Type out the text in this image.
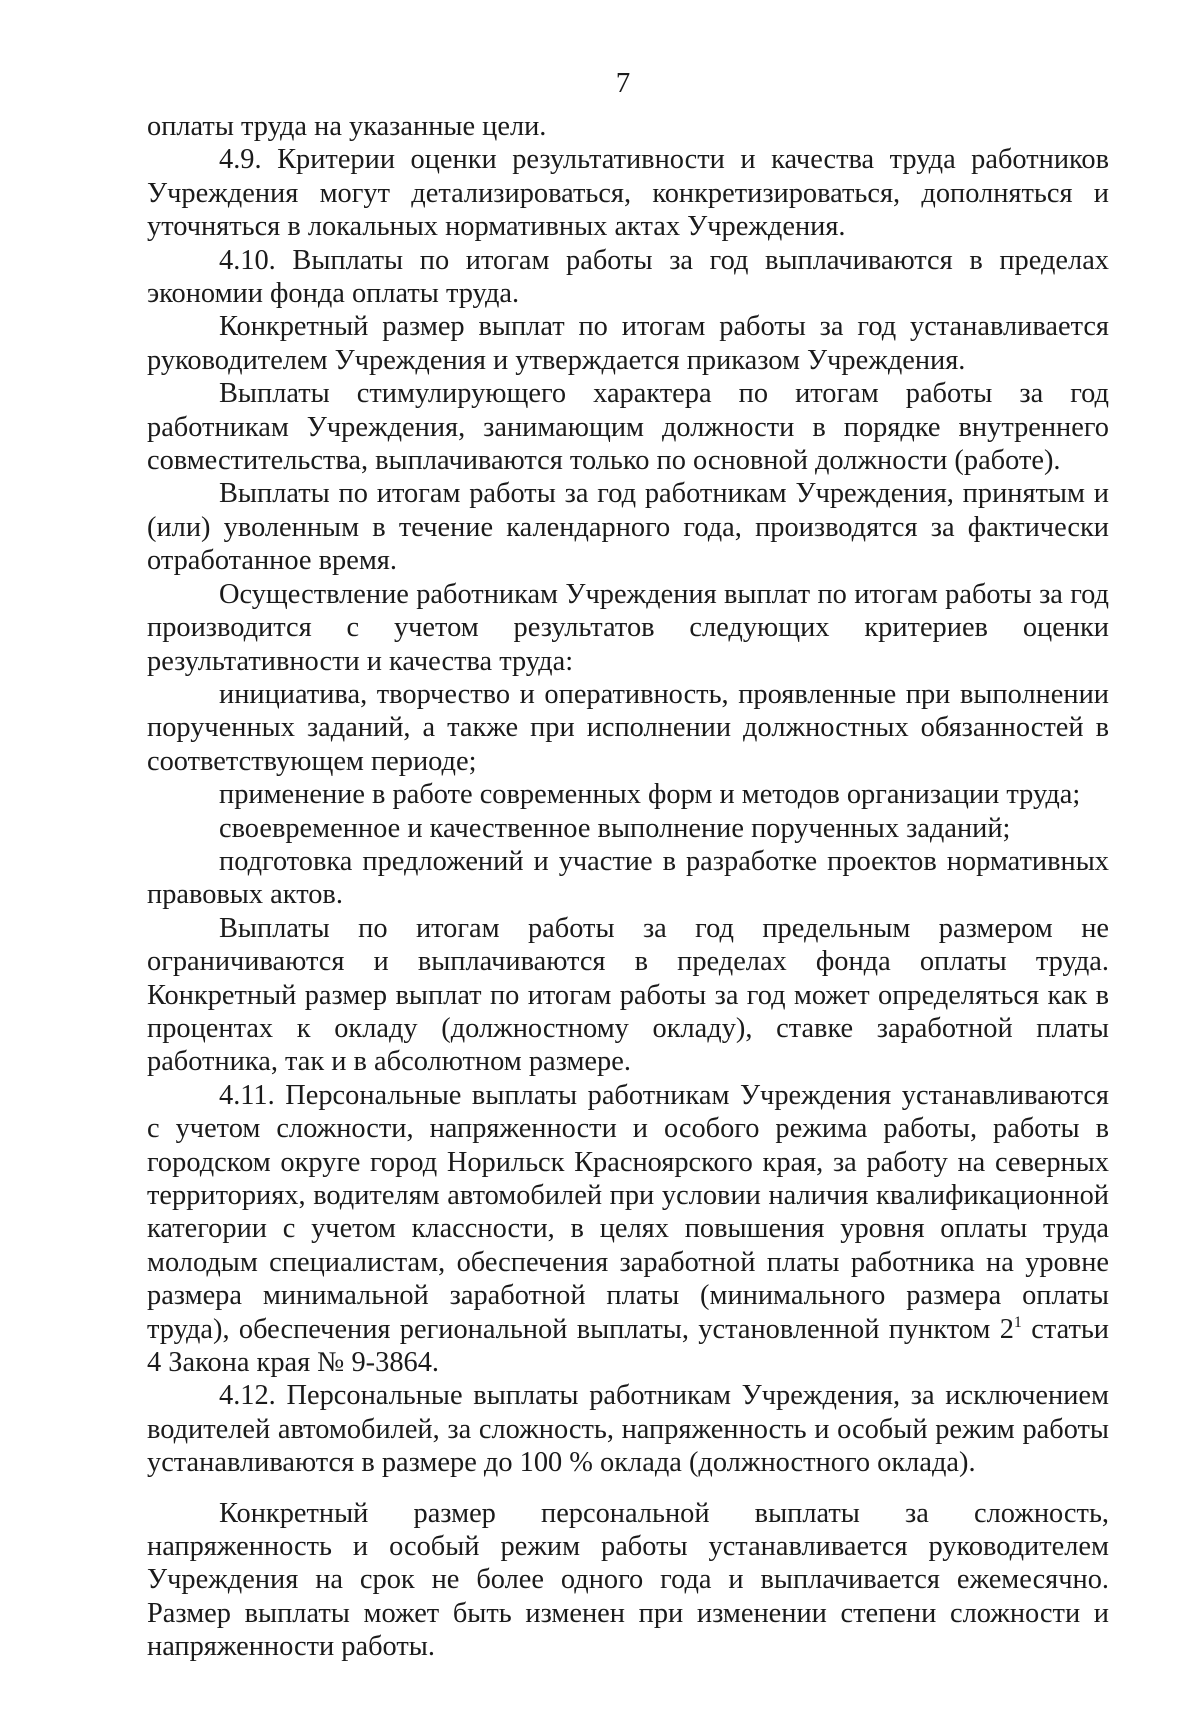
7

оплаты труда на указанные цели.

4.9. Критерии оценки результативности и качества труда работников Учреждения могут детализироваться, конкретизироваться, дополняться и уточняться в локальных нормативных актах Учреждения.

4.10. Выплаты по итогам работы за год выплачиваются в пределах экономии фонда оплаты труда.

Конкретный размер выплат по итогам работы за год устанавливается руководителем Учреждения и утверждается приказом Учреждения.

Выплаты стимулирующего характера по итогам работы за год работникам Учреждения, занимающим должности в порядке внутреннего совместительства, выплачиваются только по основной должности (работе).

Выплаты по итогам работы за год работникам Учреждения, принятым и (или) уволенным в течение календарного года, производятся за фактически отработанное время.

Осуществление работникам Учреждения выплат по итогам работы за год производится с учетом результатов следующих критериев оценки результативности и качества труда:

инициатива, творчество и оперативность, проявленные при выполнении порученных заданий, а также при исполнении должностных обязанностей в соответствующем периоде;

применение в работе современных форм и методов организации труда;

своевременное и качественное выполнение порученных заданий;

подготовка предложений и участие в разработке проектов нормативных правовых актов.

Выплаты по итогам работы за год предельным размером не ограничиваются и выплачиваются в пределах фонда оплаты труда. Конкретный размер выплат по итогам работы за год может определяться как в процентах к окладу (должностному окладу), ставке заработной платы работника, так и в абсолютном размере.

4.11. Персональные выплаты работникам Учреждения устанавливаются с учетом сложности, напряженности и особого режима работы, работы в городском округе город Норильск Красноярского края, за работу на северных территориях, водителям автомобилей при условии наличия квалификационной категории с учетом классности, в целях повышения уровня оплаты труда молодым специалистам, обеспечения заработной платы работника на уровне размера минимальной заработной платы (минимального размера оплаты труда), обеспечения региональной выплаты, установленной пунктом $2^1$ статьи 4 Закона края № 9-3864.

4.12. Персональные выплаты работникам Учреждения, за исключением водителей автомобилей, за сложность, напряженность и особый режим работы устанавливаются в размере до 100 % оклада (должностного оклада).

Конкретный размер персональной выплаты за сложность, напряженность и особый режим работы устанавливается руководителем Учреждения на срок не более одного года и выплачивается ежемесячно. Размер выплаты может быть изменен при изменении степени сложности и напряженности работы.
